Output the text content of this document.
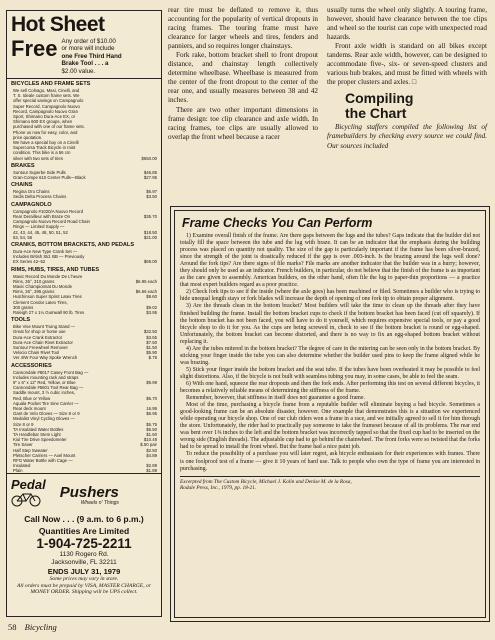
Hot Sheet
Free Any order of $10.00
or more will include
one Free Third Hand
Brake Tool . . . a
$2.00 value.
BICYCLES AND FRAME SETS
We sell Colnago, Masi, Cinelli, and
T. S. Ideale custom frame sets. We
offer special savings on Campagnolo
Super Record, Campagnolo Nuovo
Record, Campagnolo Nuovo Gran
Sport, Shimano Dura-Ace EX, or
Shimano 600 EX groups, when
purchased with one of our frame sets.
Phone us now for easy, color, and
price quotation.
We have a special buy on a Cinelli
Supercorsa Track Bicycle in mint
condition. This bike is a 56 cm
silver with two sets of tires	$550.00
BRAKES
Suntour Superbe Side Pulls	$46.85
Gran-Compe 610 Center Pulls—Black	$27.95
CHAINS
Regina Oro Chains	$6.97
Sedis Delta Process Chains	$3.50
CAMPAGNOLO
Campagnolo #1020/A Nuovo Record
Rear Derailleur with Braze On	$35.70
Campagnolo Nuovo Record Road Chain
Rings — Limited Supply —
42, 43, 44, 45, 48, 50, 51, 52	$18.50
53, 54, 55	$21.00
CRANKS, BOTTOM BRACKETS, AND PEDALS
Dura-Ace New Type Crank Set —
Includes British Std. BB — Previously
EX Series 42–52	$69.00
RIMS, HUBS, TIRES, AND TUBES
Mavic Record Du Monde De L'heure
Rims, 36°, 310 grams	$6.95 each
Mavic Championnat Du Monde
Rims, 36°, 395 grams	$6.66 each
Hutchinson Super Sprint Latex Tires	$9.60
Clement Condor Latex Tires,
300 grams	$9.02
Raleigh 27 x 1¼ Gumwall 90 lb. Tires	$3.95
TOOLS
Bike Vise Mount Truing Stand —
Great for shop or home use	$32.50
Dura-Ace Crank Extractor	$3.55
Dura-Ace Chain Rivet Extractor	$7.50
Suntour Freewheel Remover	$1.50
Velocio Chain Rivet Tool	$5.90
Ver 4/W Four Way Spoke Wrench	$.75
ACCESSORIES
Cannondale #8017 Casey Front Bag —
Includes mounting rack and straps
9" x 6" x 12" Red, Yellow, or Blue	$9.99
Cannondale #5601 Tool Rear Bag —
Saddle mount, 3 ½ cubic inches,
Red, Blue or Yellow	$6.70
Aquala Pocket Tire Sine Carrier —
Rear deck mount	16.95
Gant de Velo Gloves — Size 8 or 9	$6.95
Medalist Vinyl Cycling Gloves —
Size 8 or 9	$5.75
TA Insulated Water Bottles	$6.50
TA Handlebar Stem Light	$1.60
Kiul Tire Drive Speedometer	$10.48
Tire Saver	$.50 pair
Half Step Sweater	$2.50
Pletscher Carriers — Axel Mount	$4.89
RFG Water Bottle with Cage —
Insulated	$2.89
Plain	$1.89
Pedal Pushers
Wheels n' Things
Call Now . . . (9 a.m. to 6 p.m.)
Quantities Are Limited
1-904-725-2211
1130 Rogero Rd.
Jacksonville, FL 32211
ENDS JULY 31, 1979
Some prices may vary in store.
All orders must be prepaid by VISA, MASTER CHARGE, or MONEY ORDER. Shipping will be UPS collect.

rear tire must be deflated to remove it, thus accounting for the popularity of vertical dropouts in racing frames. The touring frame must have clearance for larger wheels and tires, fenders and panniers, and so requires longer chainstays.

Fork rake, bottom bracket shell to front dropout distance, and chainstay length collectively determine wheelbase. Wheelbase is measured from the center of the front dropout to the center of the rear one, and usually measures between 38 and 42 inches.

There are two other important dimensions in frame design: toe clip clearance and axle width. In racing frames, toe clips are usually allowed to overlap the front wheel because a racer

usually turns the wheel only slightly. A touring frame, however, should have clearance between the toe clips and wheel so the tourist can cope with unexpected road hazards.

Front axle width is standard on all bikes except tandems. Rear axle width, however, can be designed to accommodate five-, six- or seven-speed clusters and various hub brakes, and must be fitted with wheels with the proper clusters and axles. □

Compiling
the Chart

Bicycling staffers compiled the following list of framebuilders by checking every source we could find. Our sources included

Frame Checks You Can Perform

1) Examine overall finish of the frame. Are there gaps between the lugs and the tubes? Gaps indicate that the builder did not totally fill the space between the tube and the lug with braze. It can be an indicator that the emphasis during the building process was placed on quantity not quality. The size of the gap is particularly important if the frame has been silver-brazed, since the strength of the joint is drastically reduced if the gap is over .003-inch. Is the brazing around the lugs well done? Around the fork tips? Are there signs of file marks? File marks are another indicator that the builder was in a hurry; however, they should only be used as an indicator. French builders, in particular, do not believe that the finish of the frame is as important as the care given to assembly. American builders, on the other hand, often file the lug to paper-thin proportions — a practice that most expert builders regard as a poor practice.

2) Check fork tips to see if the inside (where the axle goes) has been machined or filed. Sometimes a builder who is trying to hide unequal length stays or fork blades will increase the depth of opening of one fork tip to obtain proper alignment.

3) Are the threads clean in the bottom bracket? Most builders will take the time to clean up the threads after they have finished building the frame. Install the bottom bracket cups to check if the bottom bracket has been faced (cut off squarely). If the bottom bracket has not been faced, you will have to do it yourself, which requires expensive special tools, or pay a good bicycle shop to do it for you. As the cups are being screwed in, check to see if the bottom bracket is round or egg-shaped. Unfortunately, the bottom bracket can become distorted, and there is no way to fix an egg-shaped bottom bracket without replacing it.

4) Are the tubes mitered in the bottom bracket? The degree of care in the mitering can be seen only in the bottom bracket. By sticking your finger inside the tube you can also determine whether the builder used pins to keep the frame aligned while he was brazing.

5) Stick your finger inside the bottom bracket and the seat tube. If the tubes have been overheated it may be possible to feel slight distortions. Also, if the bicycle is not built with seamless tubing you may, in some cases, be able to feel the seam.

6) With one hand, squeeze the rear dropouts and then the fork ends. After performing this test on several different bicycles, it becomes a relatively reliable means of determining the stiffness of the frame.

Remember, however, that stiffness in itself does not guarantee a good frame.

Most of the time, purchasing a bicycle frame from a reputable builder will eliminate buying a bad bicycle. Sometimes a good-looking frame can be an absolute disaster, however. One example that demonstrates this is a situation we experienced while operating our bicycle shop. One of our club riders won a frame in a race, and we initially agreed to sell it for him through the store. Unfortunately, the rider had to practically pay someone to take the frameset because of all its problems. The rear end was bent over 1⅜ inches to the left and the bottom bracket was incorrectly tapped so that the fixed cup had to be inserted on the wrong side (English threads). The adjustable cup had to go behind the chainwheel. The front forks were so twisted that the forks had to be spread to install the front wheel. But the frame had a nice paint job.

To reduce the possibility of a purchase you will later regret, ask bicycle enthusiasts for their experiences with frames. There is one foolproof test of a frame — give it 10 years of hard use. Talk to people who own the type of frame you are interested in purchasing.

Excerpted from The Custom Bicycle, Michael J. Kolin and Denise M. de la Rosa,
Rodale Press, Inc., 1979, pp. 18-21.
58 Bicycling
